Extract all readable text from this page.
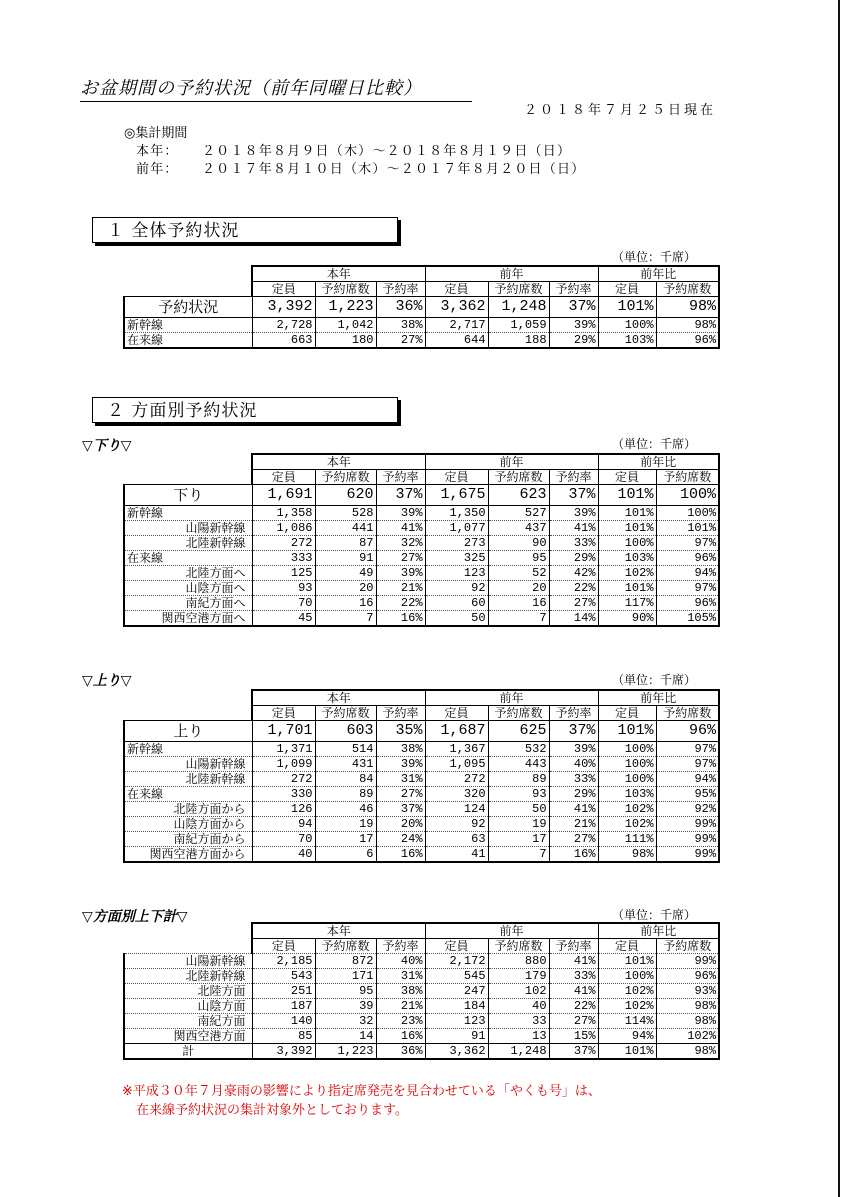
お盆期間の予約状況（前年同曜日比較）
２０１８年７月２５日現在
◎集計期間
本年： ２０１８年８月９日（木）～２０１８年８月１９日（日）
前年： ２０１７年８月１０日（木）～２０１７年８月２０日（日）
１ 全体予約状況
（単位：千席）
	本年			前年			前年比	
	定員	予約席数	予約率	定員	予約席数	予約率	定員	予約席数
予約状況	3,392	1,223	36%	3,362	1,248	37%	101%	98%
新幹線	2,728	1,042	38%	2,717	1,059	39%	100%	98%
在来線	663	180	27%	644	188	29%	103%	96%
２ 方面別予約状況
▽下り▽	（単位：千席）
	本年			前年			前年比	
	定員	予約席数	予約率	定員	予約席数	予約率	定員	予約席数
下り	1,691	620	37%	1,675	623	37%	101%	100%
新幹線	1,358	528	39%	1,350	527	39%	101%	100%
山陽新幹線	1,086	441	41%	1,077	437	41%	101%	101%
北陸新幹線	272	87	32%	273	90	33%	100%	97%
在来線	333	91	27%	325	95	29%	103%	96%
北陸方面へ	125	49	39%	123	52	42%	102%	94%
山陰方面へ	93	20	21%	92	20	22%	101%	97%
南紀方面へ	70	16	22%	60	16	27%	117%	96%
関西空港方面へ	45	7	16%	50	7	14%	90%	105%
▽上り▽	（単位：千席）
	本年			前年			前年比	
	定員	予約席数	予約率	定員	予約席数	予約率	定員	予約席数
上り	1,701	603	35%	1,687	625	37%	101%	96%
新幹線	1,371	514	38%	1,367	532	39%	100%	97%
山陽新幹線	1,099	431	39%	1,095	443	40%	100%	97%
北陸新幹線	272	84	31%	272	89	33%	100%	94%
在来線	330	89	27%	320	93	29%	103%	95%
北陸方面から	126	46	37%	124	50	41%	102%	92%
山陰方面から	94	19	20%	92	19	21%	102%	99%
南紀方面から	70	17	24%	63	17	27%	111%	99%
関西空港方面から	40	6	16%	41	7	16%	98%	99%
▽方面別上下計▽	（単位：千席）
	本年			前年			前年比	
	定員	予約席数	予約率	定員	予約席数	予約率	定員	予約席数
山陽新幹線	2,185	872	40%	2,172	880	41%	101%	99%
北陸新幹線	543	171	31%	545	179	33%	100%	96%
北陸方面	251	95	38%	247	102	41%	102%	93%
山陰方面	187	39	21%	184	40	22%	102%	98%
南紀方面	140	32	23%	123	33	27%	114%	98%
関西空港方面	85	14	16%	91	13	15%	94%	102%
計	3,392	1,223	36%	3,362	1,248	37%	101%	98%
※平成３０年７月豪雨の影響により指定席発売を見合わせている「やくも号」は、
在来線予約状況の集計対象外としております。
